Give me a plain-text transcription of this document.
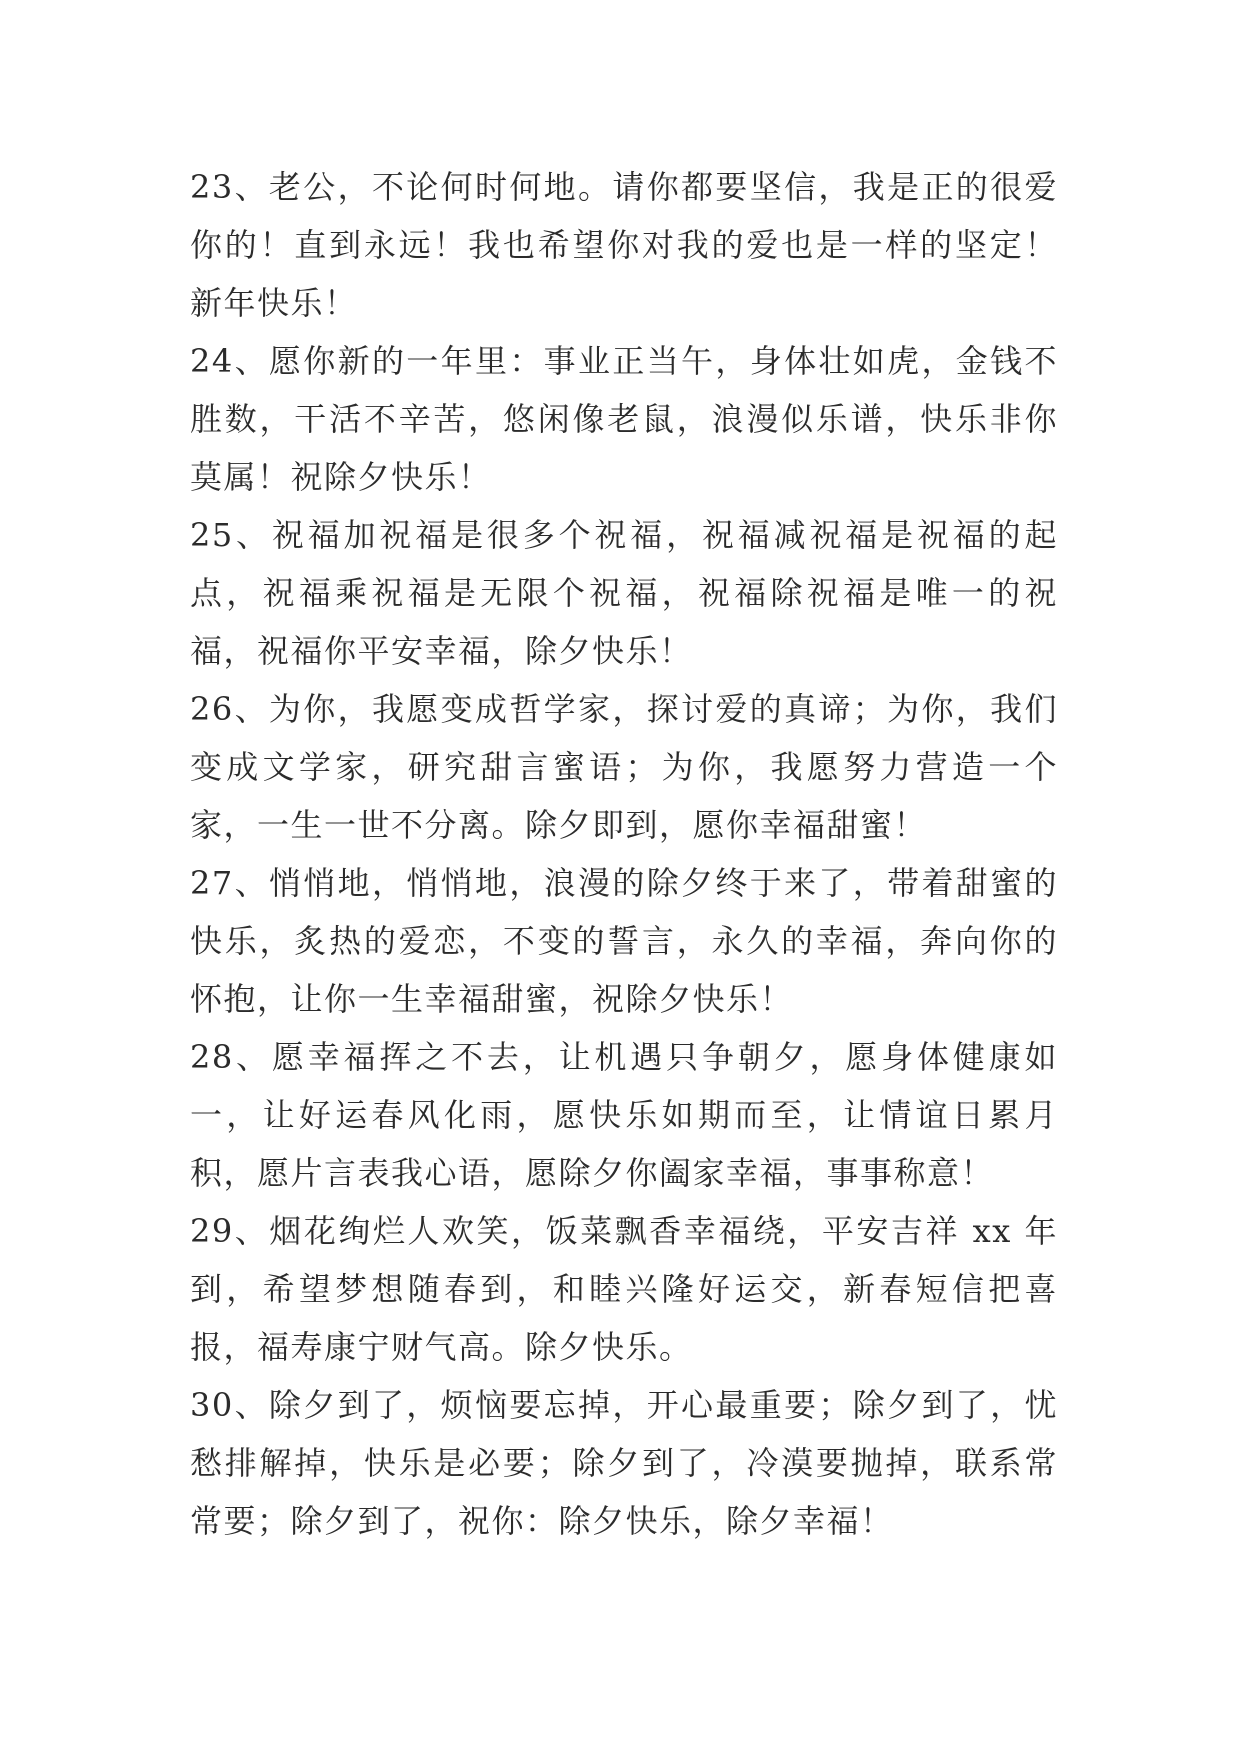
23、老公，不论何时何地。请你都要坚信，我是正的很爱你的！直到永远！我也希望你对我的爱也是一样的坚定！新年快乐！

24、愿你新的一年里：事业正当午，身体壮如虎，金钱不胜数，干活不辛苦，悠闲像老鼠，浪漫似乐谱，快乐非你莫属！祝除夕快乐！

25、祝福加祝福是很多个祝福，祝福减祝福是祝福的起点，祝福乘祝福是无限个祝福，祝福除祝福是唯一的祝福，祝福你平安幸福，除夕快乐！

26、为你，我愿变成哲学家，探讨爱的真谛；为你，我们变成文学家，研究甜言蜜语；为你，我愿努力营造一个家，一生一世不分离。除夕即到，愿你幸福甜蜜！

27、悄悄地，悄悄地，浪漫的除夕终于来了，带着甜蜜的快乐，炙热的爱恋，不变的誓言，永久的幸福，奔向你的怀抱，让你一生幸福甜蜜，祝除夕快乐！

28、愿幸福挥之不去，让机遇只争朝夕，愿身体健康如一，让好运春风化雨，愿快乐如期而至，让情谊日累月积，愿片言表我心语，愿除夕你阖家幸福，事事称意！

29、烟花绚烂人欢笑，饭菜飘香幸福绕，平安吉祥 xx 年到，希望梦想随春到，和睦兴隆好运交，新春短信把喜报，福寿康宁财气高。除夕快乐。

30、除夕到了，烦恼要忘掉，开心最重要；除夕到了，忧愁排解掉，快乐是必要；除夕到了，冷漠要抛掉，联系常常要；除夕到了，祝你：除夕快乐，除夕幸福！
